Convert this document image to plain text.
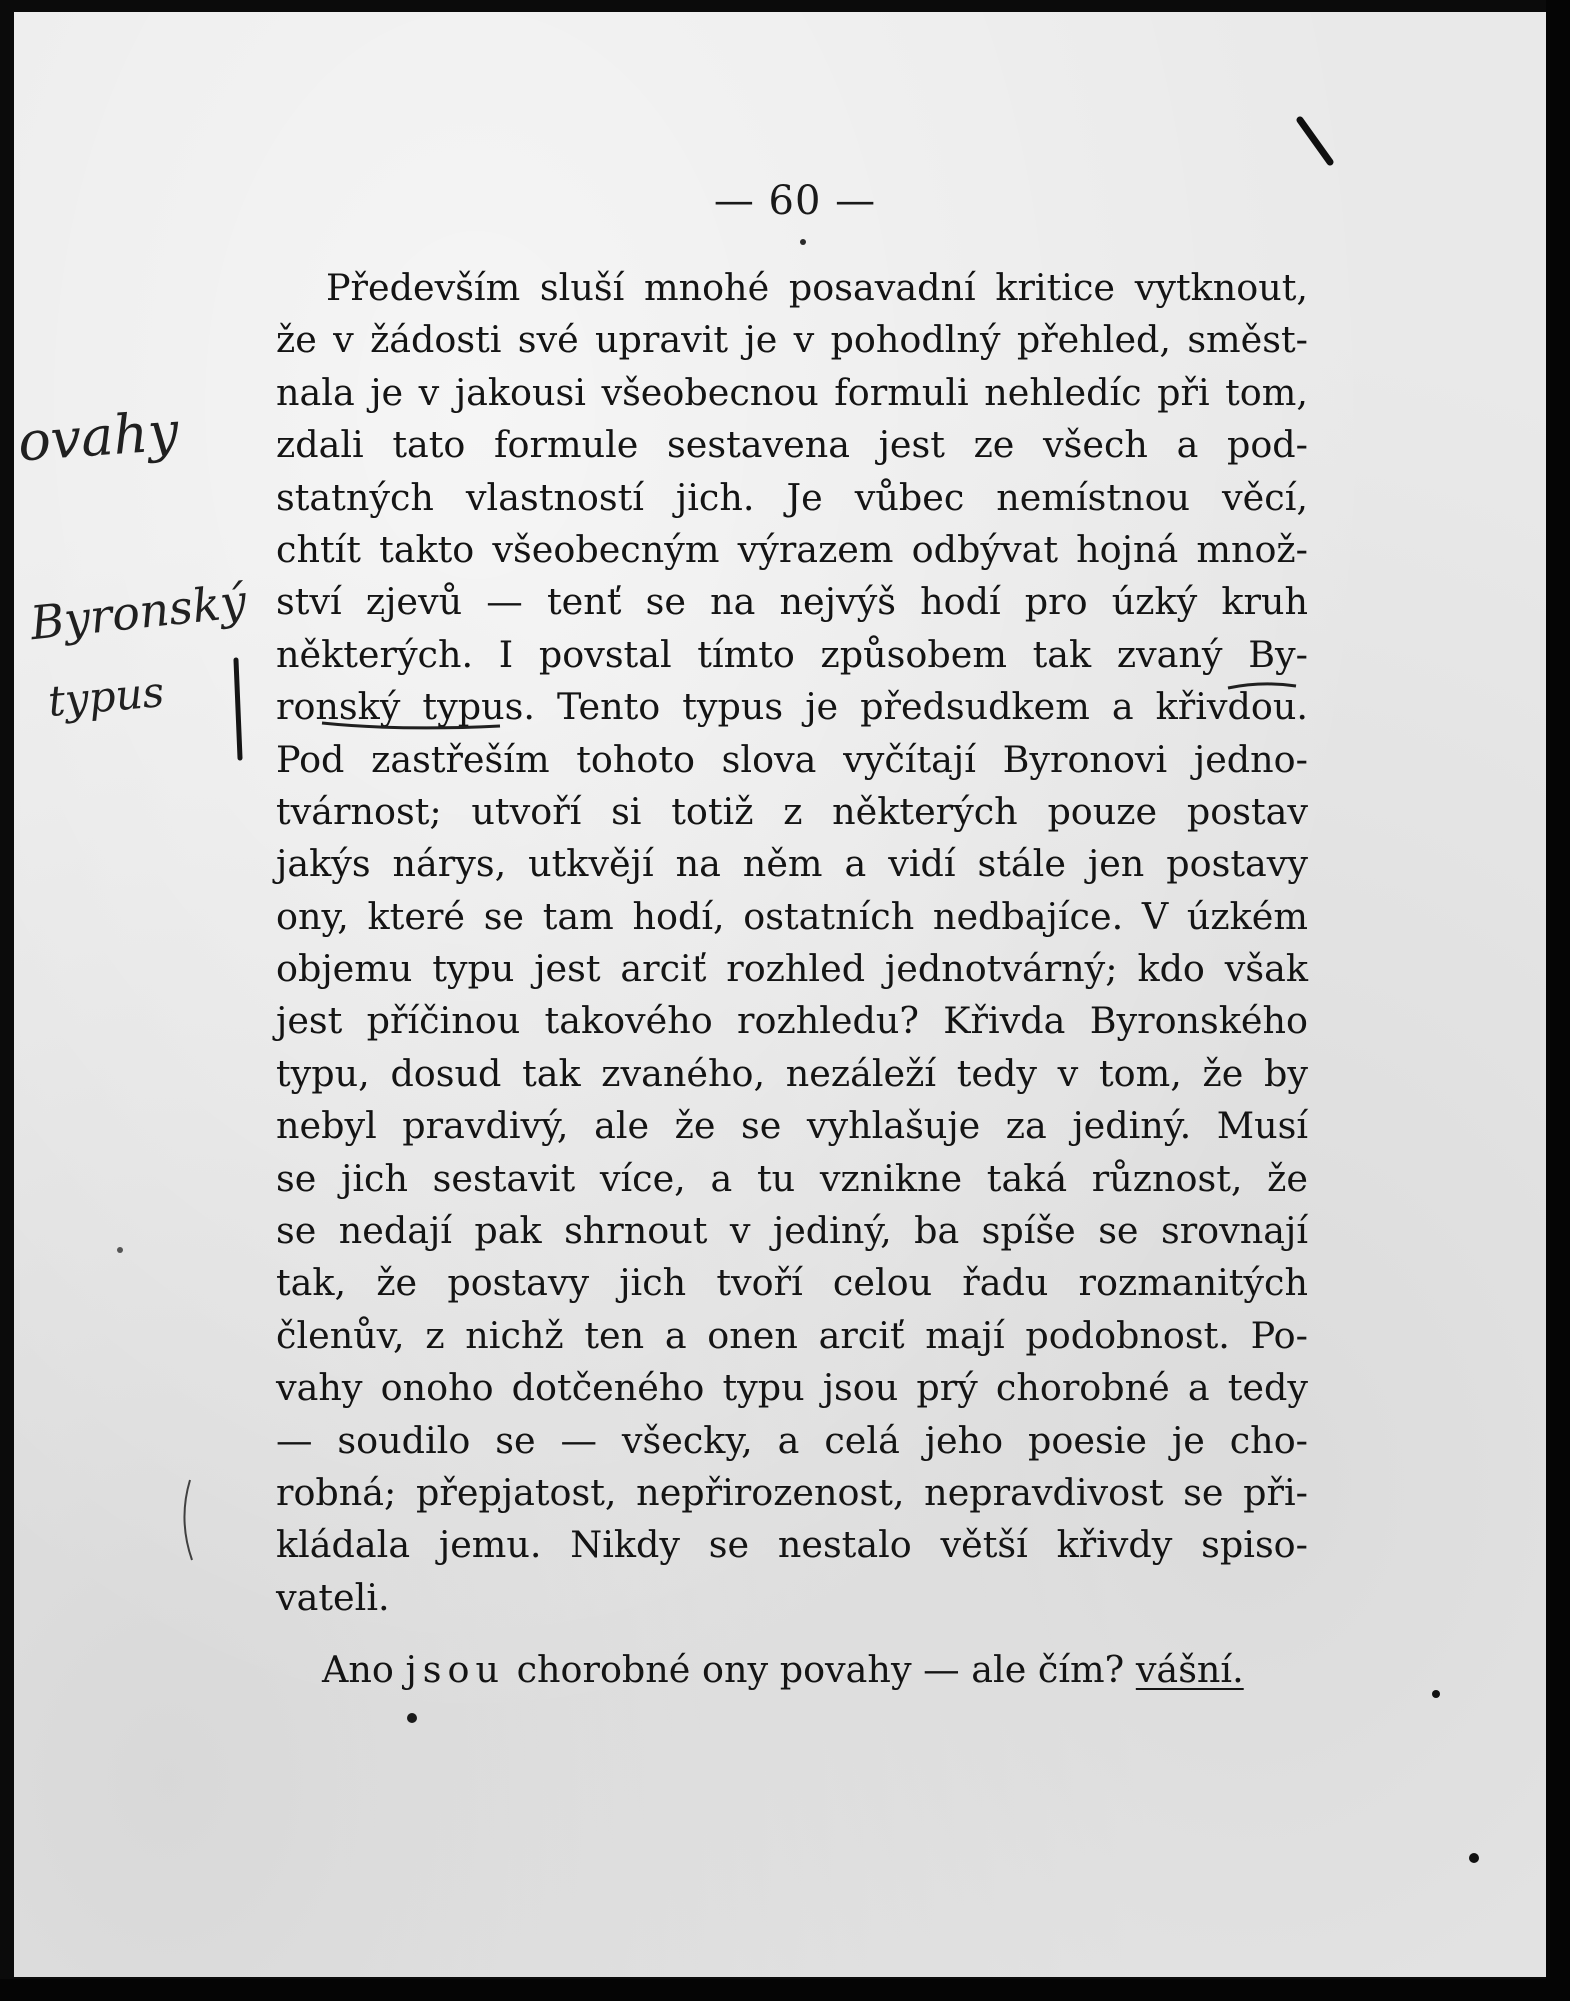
— 60 —
Především sluší mnohé posavadní kritice vytknout,
že v žádosti své upravit je v pohodlný přehled, směst-
nala je v jakousi všeobecnou formuli nehledíc při tom,
zdali tato formule sestavena jest ze všech a pod-
statných vlastností jich. Je vůbec nemístnou věcí,
chtít takto všeobecným výrazem odbývat hojná množ-
ství zjevů — tenť se na nejvýš hodí pro úzký kruh
některých. I povstal tímto způsobem tak zvaný By-
ronský typus. Tento typus je předsudkem a křivdou.
Pod zastřeším tohoto slova vyčítají Byronovi jedno-
tvárnost; utvoří si totiž z některých pouze postav
jakýs nárys, utkvějí na něm a vidí stále jen postavy
ony, které se tam hodí, ostatních nedbajíce. V úzkém
objemu typu jest arciť rozhled jednotvárný; kdo však
jest příčinou takového rozhledu? Křivda Byronského
typu, dosud tak zvaného, nezáleží tedy v tom, že by
nebyl pravdivý, ale že se vyhlašuje za jediný. Musí
se jich sestavit více, a tu vznikne taká různost, že
se nedají pak shrnout v jediný, ba spíše se srovnají
tak, že postavy jich tvoří celou řadu rozmanitých
členův, z nichž ten a onen arciť mají podobnost. Po-
vahy onoho dotčeného typu jsou prý chorobné a tedy
— soudilo se — všecky, a celá jeho poesie je cho-
robná; přepjatost, nepřirozenost, nepravdivost se při-
kládala jemu. Nikdy se nestalo větší křivdy spiso-
vateli.
Ano jsou chorobné ony povahy — ale čím? vášní.
ovahy
Byronský
typus
